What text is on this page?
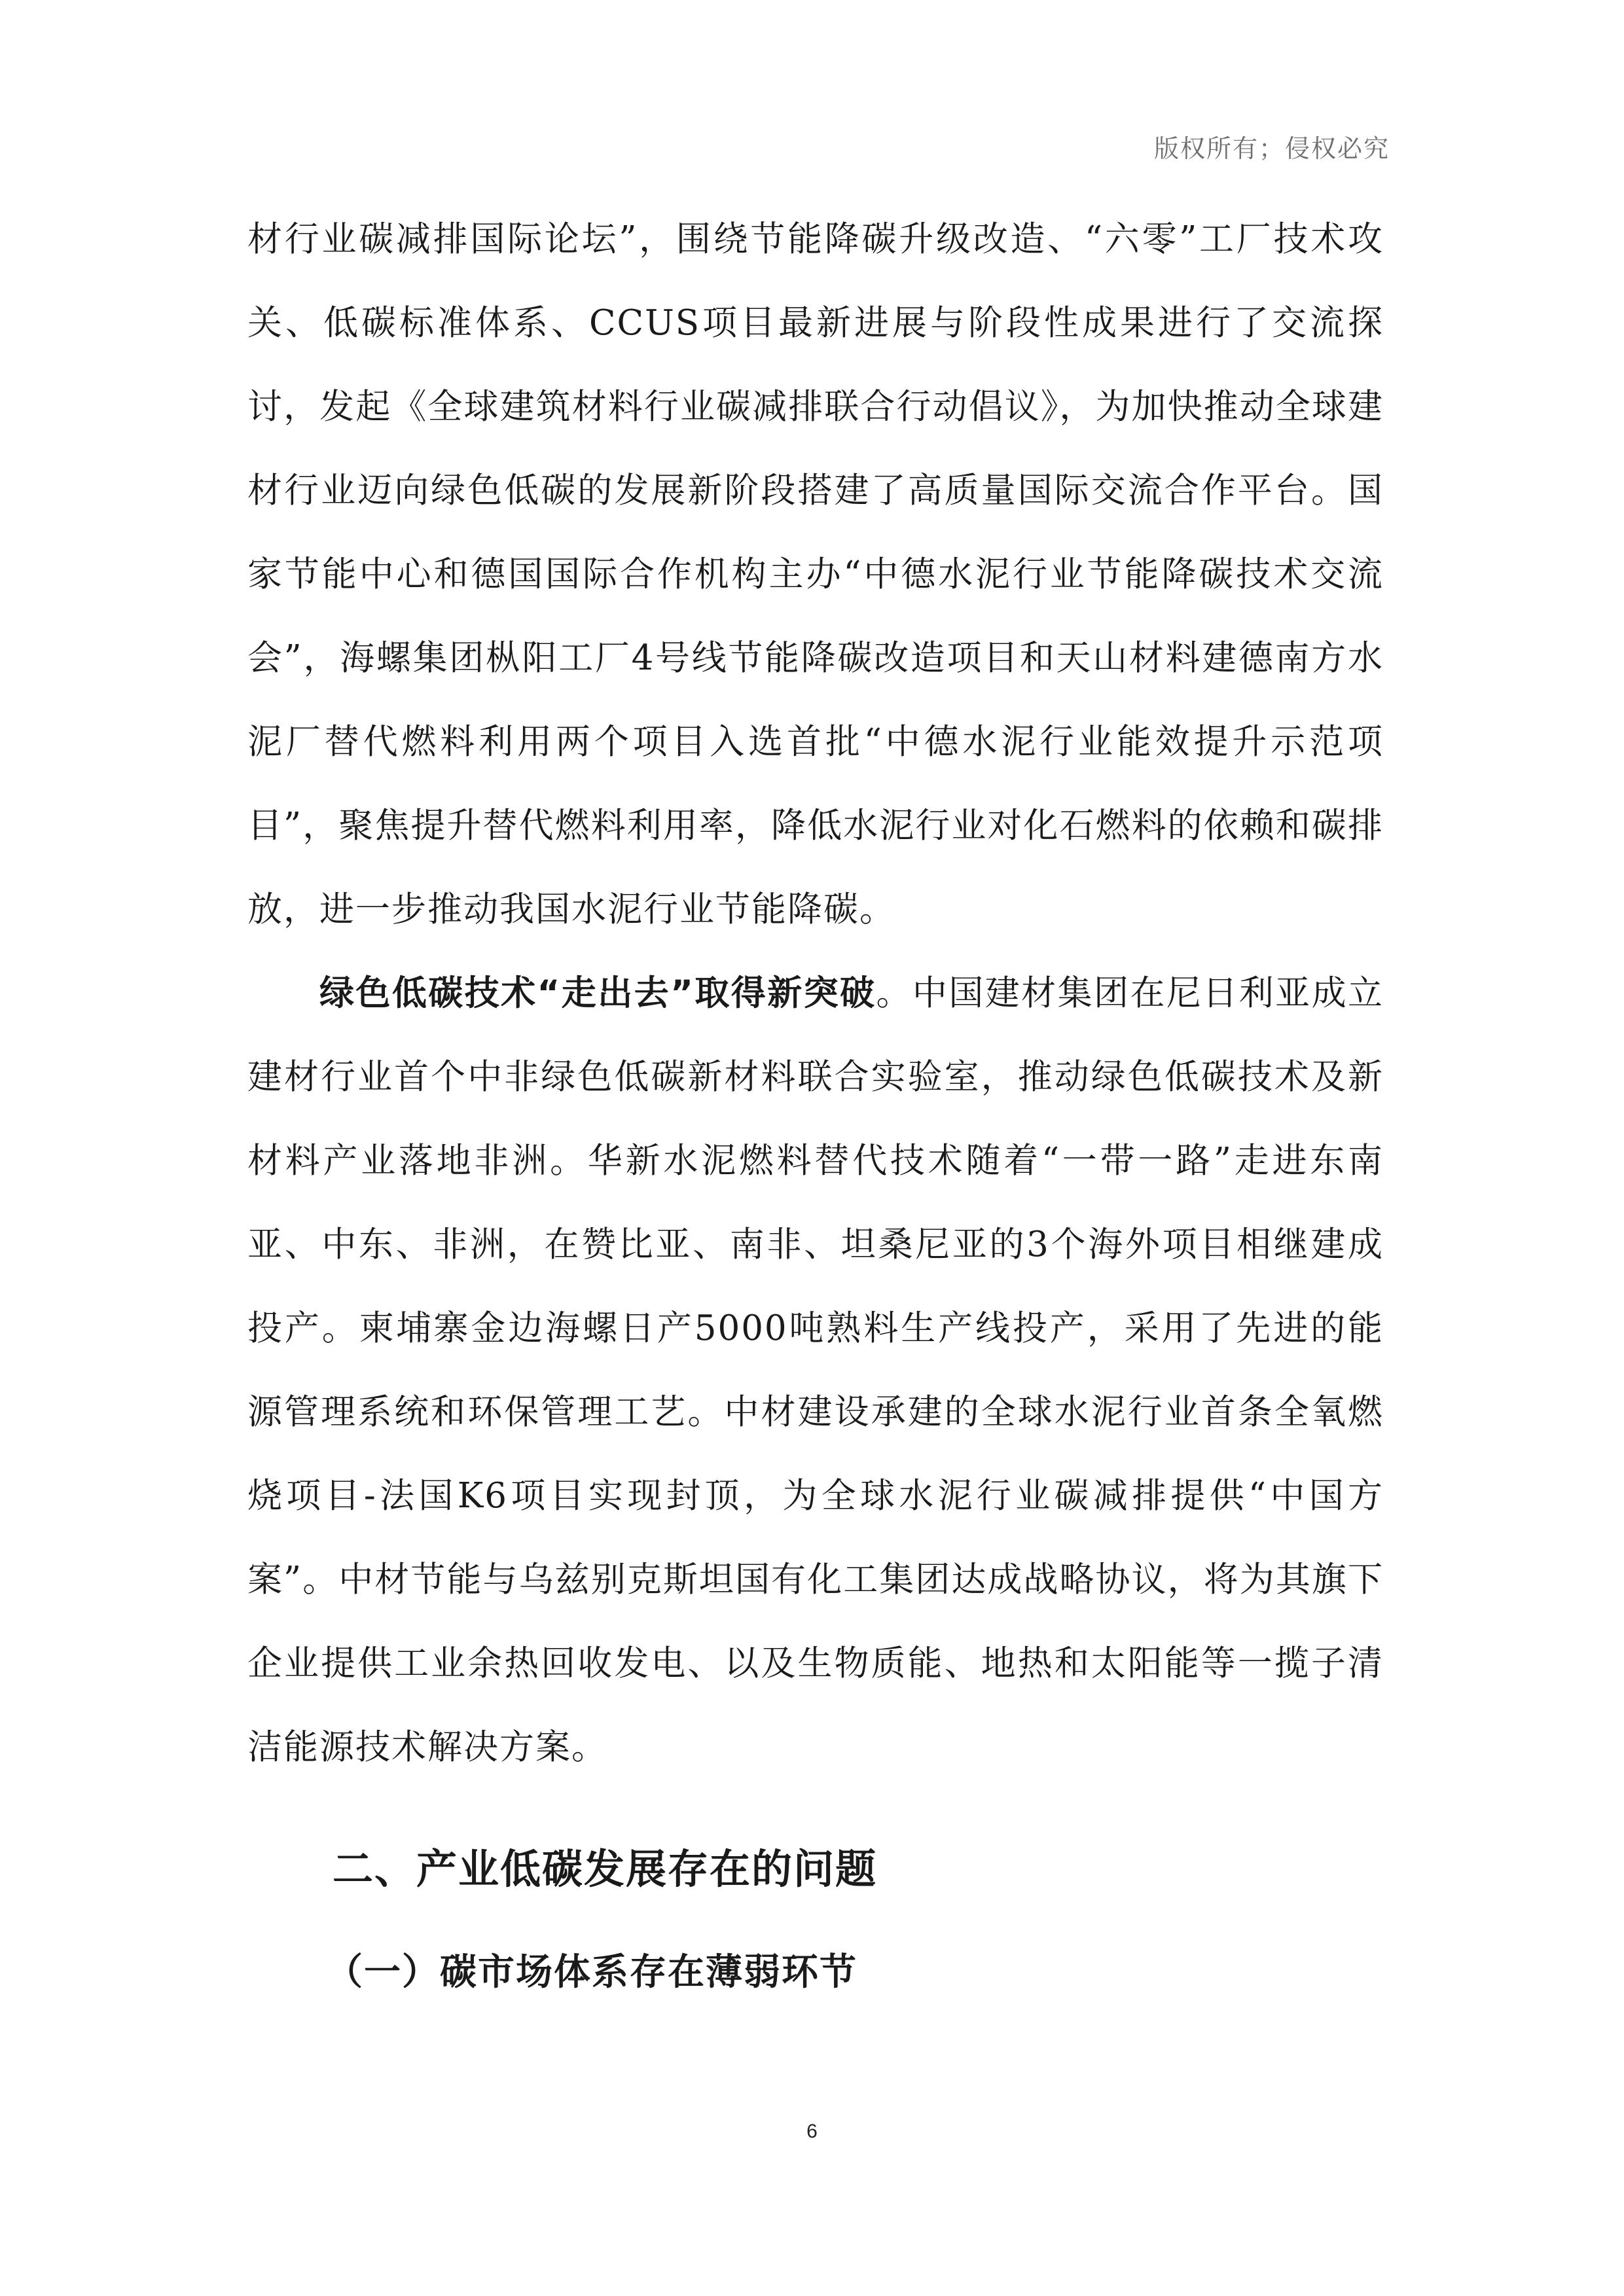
版权所有；侵权必究

材行业碳减排国际论坛”，围绕节能降碳升级改造、“六零”工厂技术攻关、低碳标准体系、CCUS项目最新进展与阶段性成果进行了交流探讨，发起《全球建筑材料行业碳减排联合行动倡议》，为加快推动全球建材行业迈向绿色低碳的发展新阶段搭建了高质量国际交流合作平台。国家节能中心和德国国际合作机构主办“中德水泥行业节能降碳技术交流会”，海螺集团枞阳工厂4号线节能降碳改造项目和天山材料建德南方水泥厂替代燃料利用两个项目入选首批“中德水泥行业能效提升示范项目”，聚焦提升替代燃料利用率，降低水泥行业对化石燃料的依赖和碳排放，进一步推动我国水泥行业节能降碳。

绿色低碳技术“走出去”取得新突破。中国建材集团在尼日利亚成立建材行业首个中非绿色低碳新材料联合实验室，推动绿色低碳技术及新材料产业落地非洲。华新水泥燃料替代技术随着“一带一路”走进东南亚、中东、非洲，在赞比亚、南非、坦桑尼亚的3个海外项目相继建成投产。柬埔寨金边海螺日产5000吨熟料生产线投产，采用了先进的能源管理系统和环保管理工艺。中材建设承建的全球水泥行业首条全氧燃烧项目-法国K6项目实现封顶，为全球水泥行业碳减排提供“中国方案”。中材节能与乌兹别克斯坦国有化工集团达成战略协议，将为其旗下企业提供工业余热回收发电、以及生物质能、地热和太阳能等一揽子清洁能源技术解决方案。

二、产业低碳发展存在的问题
（一）碳市场体系存在薄弱环节
6
